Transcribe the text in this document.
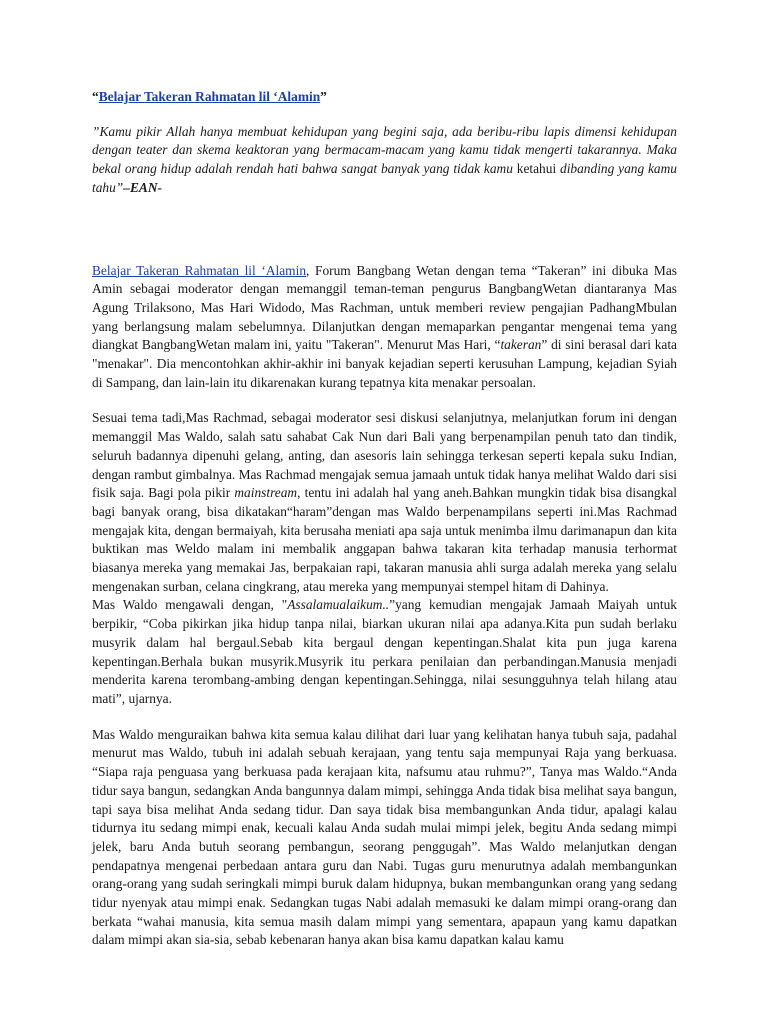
“Belajar Takeran Rahmatan lil ‘Alamin”

”Kamu pikir Allah hanya membuat kehidupan yang begini saja, ada beribu-ribu lapis dimensi kehidupan dengan teater dan skema keaktoran yang bermacam-macam yang kamu tidak mengerti takarannya. Maka bekal orang hidup adalah rendah hati bahwa sangat banyak yang tidak kamu ketahui dibanding yang kamu tahu”–EAN-

Belajar Takeran Rahmatan lil ‘Alamin, Forum Bangbang Wetan dengan tema “Takeran” ini dibuka Mas Amin sebagai moderator dengan memanggil teman-teman pengurus BangbangWetan diantaranya Mas Agung Trilaksono, Mas Hari Widodo, Mas Rachman, untuk memberi review pengajian PadhangMbulan yang berlangsung malam sebelumnya. Dilanjutkan dengan memaparkan pengantar mengenai tema yang diangkat BangbangWetan malam ini, yaitu "Takeran". Menurut Mas Hari, “takeran” di sini berasal dari kata "menakar". Dia mencontohkan akhir-akhir ini banyak kejadian seperti kerusuhan Lampung, kejadian Syiah di Sampang, dan lain-lain itu dikarenakan kurang tepatnya kita menakar persoalan.

Sesuai tema tadi,Mas Rachmad, sebagai moderator sesi diskusi selanjutnya, melanjutkan forum ini dengan memanggil Mas Waldo, salah satu sahabat Cak Nun dari Bali yang berpenampilan penuh tato dan tindik, seluruh badannya dipenuhi gelang, anting, dan asesoris lain sehingga terkesan seperti kepala suku Indian, dengan rambut gimbalnya. Mas Rachmad mengajak semua jamaah untuk tidak hanya melihat Waldo dari sisi fisik saja. Bagi pola pikir mainstream, tentu ini adalah hal yang aneh.Bahkan mungkin tidak bisa disangkal bagi banyak orang, bisa dikatakan“haram”dengan mas Waldo berpenampilans seperti ini.Mas Rachmad mengajak kita, dengan bermaiyah, kita berusaha meniati apa saja untuk menimba ilmu darimanapun dan kita buktikan mas Weldo malam ini membalik anggapan bahwa takaran kita terhadap manusia terhormat biasanya mereka yang memakai Jas, berpakaian rapi, takaran manusia ahli surga adalah mereka yang selalu mengenakan surban, celana cingkrang, atau mereka yang mempunyai stempel hitam di Dahinya.

Mas Waldo mengawali dengan, "Assalamualaikum..”yang kemudian mengajak Jamaah Maiyah untuk berpikir, “Coba pikirkan jika hidup tanpa nilai, biarkan ukuran nilai apa adanya.Kita pun sudah berlaku musyrik dalam hal bergaul.Sebab kita bergaul dengan kepentingan.Shalat kita pun juga karena kepentingan.Berhala bukan musyrik.Musyrik itu perkara penilaian dan perbandingan.Manusia menjadi menderita karena terombang-ambing dengan kepentingan.Sehingga, nilai sesungguhnya telah hilang atau mati”, ujarnya.

Mas Waldo menguraikan bahwa kita semua kalau dilihat dari luar yang kelihatan hanya tubuh saja, padahal menurut mas Waldo, tubuh ini adalah sebuah kerajaan, yang tentu saja mempunyai Raja yang berkuasa. “Siapa raja penguasa yang berkuasa pada kerajaan kita, nafsumu atau ruhmu?”, Tanya mas Waldo.“Anda tidur saya bangun, sedangkan Anda bangunnya dalam mimpi, sehingga Anda tidak bisa melihat saya bangun, tapi saya bisa melihat Anda sedang tidur. Dan saya tidak bisa membangunkan Anda tidur, apalagi kalau tidurnya itu sedang mimpi enak, kecuali kalau Anda sudah mulai mimpi jelek, begitu Anda sedang mimpi jelek, baru Anda butuh seorang pembangun, seorang penggugah”. Mas Waldo melanjutkan dengan pendapatnya mengenai perbedaan antara guru dan Nabi. Tugas guru menurutnya adalah membangunkan orang-orang yang sudah seringkali mimpi buruk dalam hidupnya, bukan membangunkan orang yang sedang tidur nyenyak atau mimpi enak. Sedangkan tugas Nabi adalah memasuki ke dalam mimpi orang-orang dan berkata “wahai manusia, kita semua masih dalam mimpi yang sementara, apapaun yang kamu dapatkan dalam mimpi akan sia-sia, sebab kebenaran hanya akan bisa kamu dapatkan kalau kamu
